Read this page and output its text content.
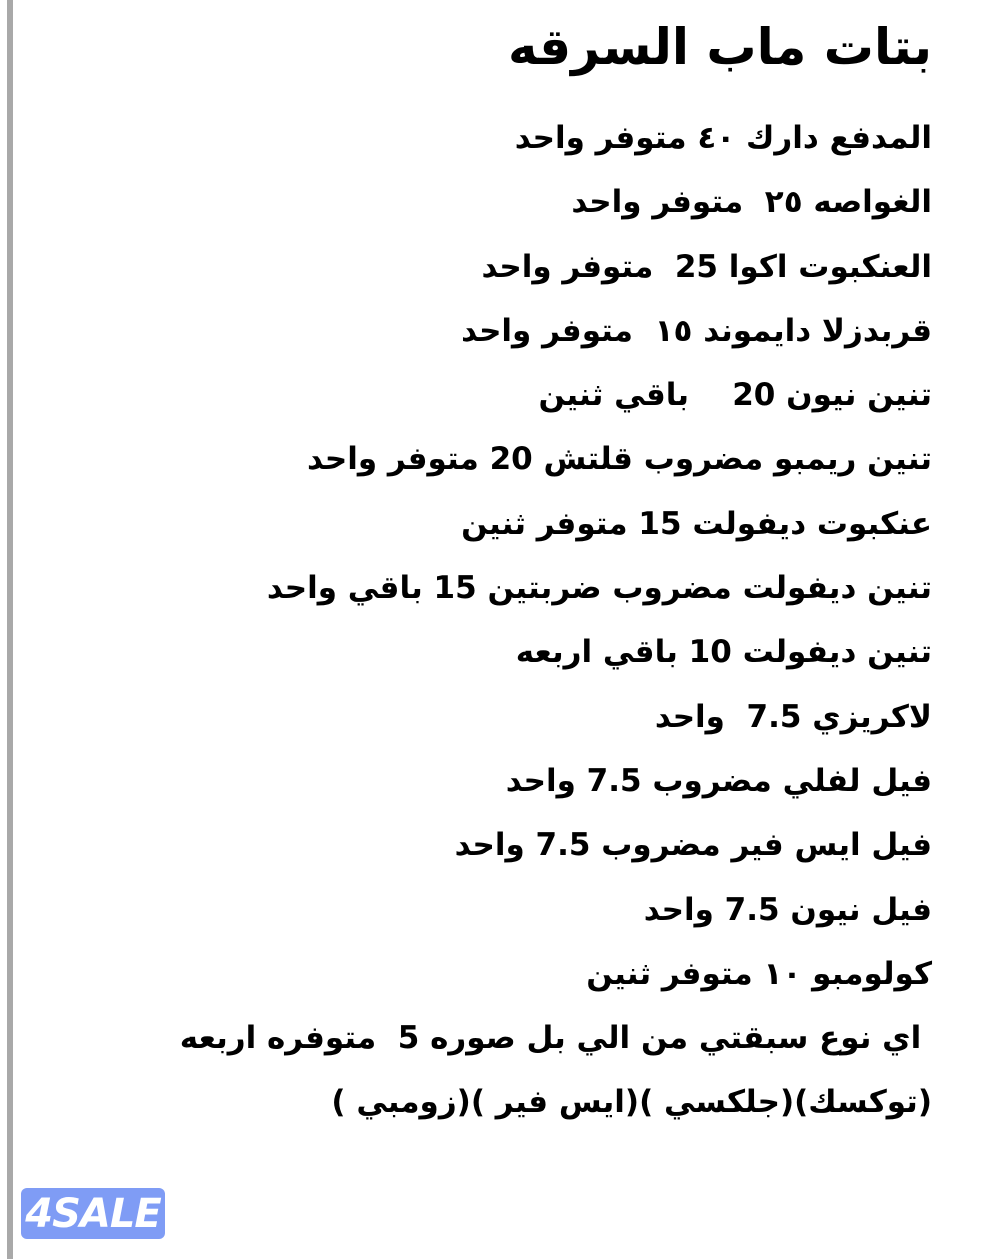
بتات ماب السرقه
المدفع دارك ٤٠ متوفر واحد
الغواصه ٢٥  متوفر واحد
العنكبوت اكوا 25  متوفر واحد
قربدزلا دايموند ١٥  متوفر واحد
تنين نيون 20    باقي ثنين
تنين ريمبو مضروب قلتش 20 متوفر واحد
عنكبوت ديفولت 15 متوفر ثنين
تنين ديفولت مضروب ضربتين 15 باقي واحد
تنين ديفولت 10 باقي اربعه
لاكريزي 7.5  واحد
فيل لفلي مضروب 7.5 واحد
فيل ايس فير مضروب 7.5 واحد
فيل نيون 7.5 واحد
كولومبو ١٠ متوفر ثنين
اي نوع سبقتي من الي بل صوره 5  متوفره اربعه
(توكسك)(جلكسي )(ايس فير )(زومبي )
4SALE
